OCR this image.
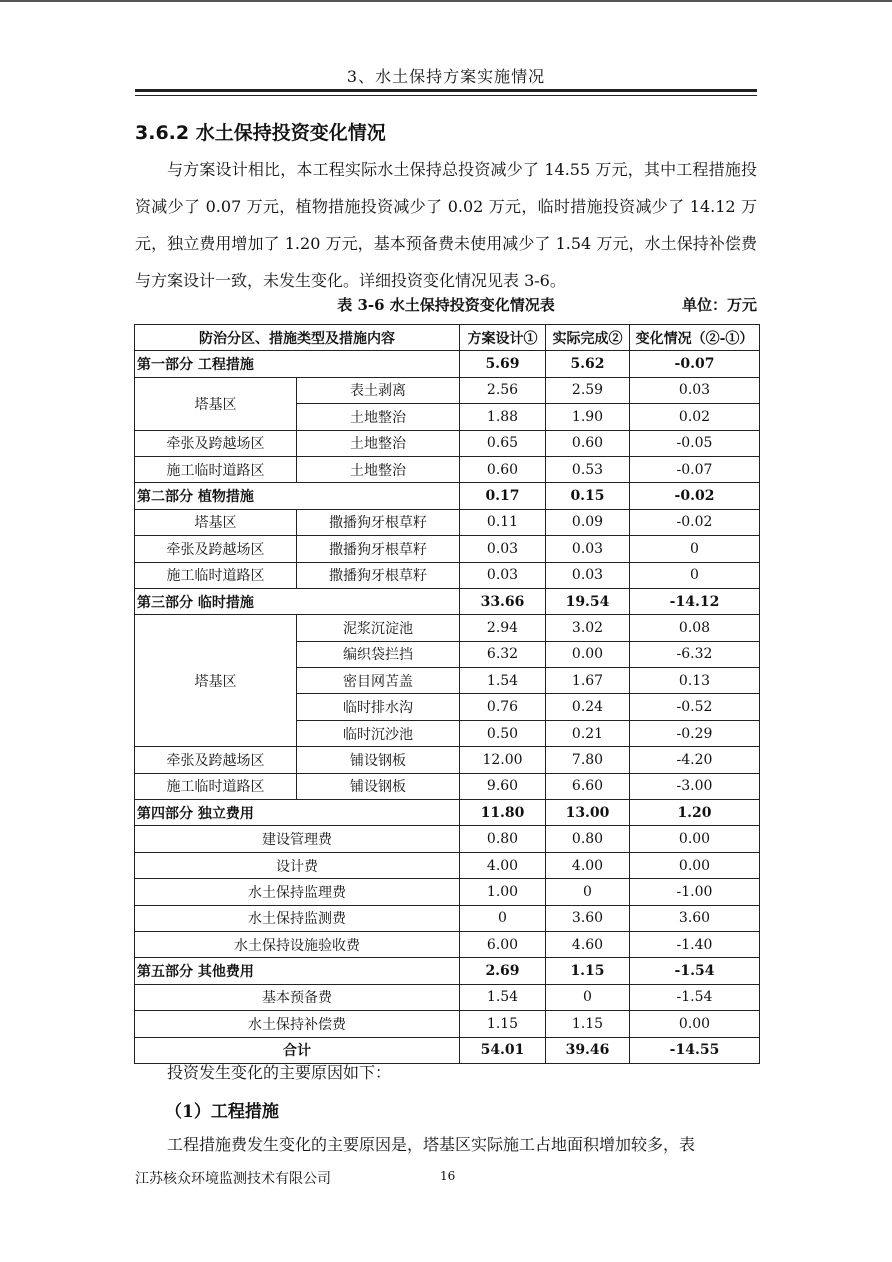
3、水土保持方案实施情况
3.6.2 水土保持投资变化情况
与方案设计相比，本工程实际水土保持总投资减少了 14.55 万元，其中工程措施投资减少了 0.07 万元，植物措施投资减少了 0.02 万元，临时措施投资减少了 14.12 万元，独立费用增加了 1.20 万元，基本预备费未使用减少了 1.54 万元，水土保持补偿费与方案设计一致，未发生变化。详细投资变化情况见表 3-6。
表 3-6 水土保持投资变化情况表	单位：万元
防治分区、措施类型及措施内容		方案设计①	实际完成②	变化情况（②-①）
第一部分 工程措施		5.69	5.62	-0.07
塔基区	表土剥离	2.56	2.59	0.03
	土地整治	1.88	1.90	0.02
牵张及跨越场区	土地整治	0.65	0.60	-0.05
施工临时道路区	土地整治	0.60	0.53	-0.07
第二部分 植物措施		0.17	0.15	-0.02
塔基区	撒播狗牙根草籽	0.11	0.09	-0.02
牵张及跨越场区	撒播狗牙根草籽	0.03	0.03	0
施工临时道路区	撒播狗牙根草籽	0.03	0.03	0
第三部分 临时措施		33.66	19.54	-14.12
塔基区	泥浆沉淀池	2.94	3.02	0.08
	编织袋拦挡	6.32	0.00	-6.32
	密目网苫盖	1.54	1.67	0.13
	临时排水沟	0.76	0.24	-0.52
	临时沉沙池	0.50	0.21	-0.29
牵张及跨越场区	铺设钢板	12.00	7.80	-4.20
施工临时道路区	铺设钢板	9.60	6.60	-3.00
第四部分 独立费用		11.80	13.00	1.20
建设管理费		0.80	0.80	0.00
设计费		4.00	4.00	0.00
水土保持监理费		1.00	0	-1.00
水土保持监测费		0	3.60	3.60
水土保持设施验收费		6.00	4.60	-1.40
第五部分 其他费用		2.69	1.15	-1.54
基本预备费		1.54	0	-1.54
水土保持补偿费		1.15	1.15	0.00
合计		54.01	39.46	-14.55
投资发生变化的主要原因如下：
（1）工程措施
工程措施费发生变化的主要原因是，塔基区实际施工占地面积增加较多，表
江苏核众环境监测技术有限公司	16
